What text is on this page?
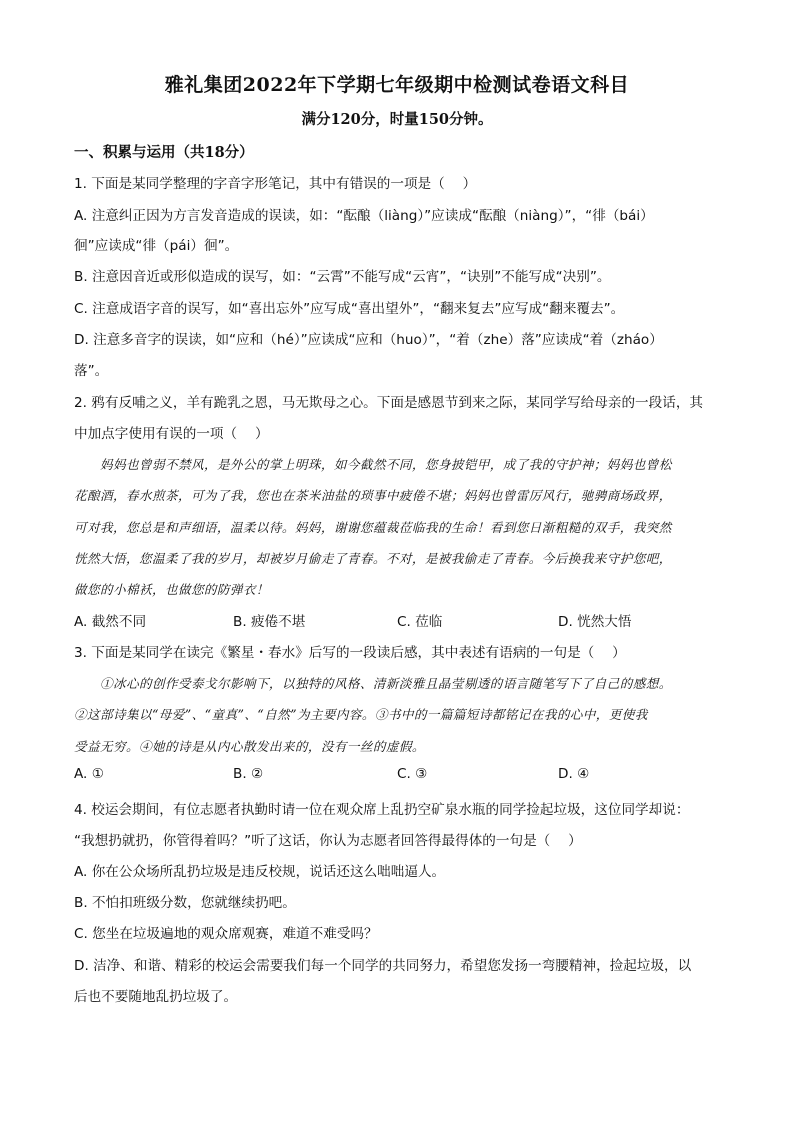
雅礼集团2022年下学期七年级期中检测试卷语文科目
满分120分，时量150分钟。
一、积累与运用（共18分）
1. 下面是某同学整理的字音字形笔记，其中有错误的一项是（　 ）
A. 注意纠正因为方言发音造成的误读，如：“酝酿（liàng）”应读成“酝酿（niàng）”，“徘（bái）
徊”应读成“徘（pái）徊”。
B. 注意因音近或形似造成的误写，如：“云霄”不能写成“云宵”，“诀别”不能写成“决别”。
C. 注意成语字音的误写，如“喜出忘外”应写成“喜出望外”，“翻来复去”应写成“翻来覆去”。
D. 注意多音字的误读，如“应和（hé）”应读成“应和（huo）”，“着（zhe）落”应读成“着（zháo）
落”。
2. 鸦有反哺之义，羊有跪乳之恩，马无欺母之心。下面是感恩节到来之际，某同学写给母亲的一段话，其
中加点字使用有误的一项（　 ）
妈妈也曾弱不禁风，是外公的掌上明珠，如今截然不同，您身披铠甲，成了我的守护神；妈妈也曾松
花酿酒，春水煎茶，可为了我，您也在茶米油盐的琐事中疲倦不堪；妈妈也曾雷厉风行，驰骋商场政界，
可对我，您总是和声细语，温柔以待。妈妈，谢谢您蕴裁莅临我的生命！看到您日渐粗糙的双手，我突然
恍然大悟，您温柔了我的岁月，却被岁月偷走了青春。不对，是被我偷走了青春。今后换我来守护您吧，
做您的小棉袄，也做您的防弹衣！
A. 截然不同	B. 疲倦不堪	C. 莅临	D. 恍然大悟
3. 下面是某同学在读完《繁星・春水》后写的一段读后感，其中表述有语病的一句是（　 ）
①冰心的创作受泰戈尔影响下，以独特的风格、清新淡雅且晶莹剔透的语言随笔写下了自己的感想。
②这部诗集以“母爱”、“童真”、“自然”为主要内容。③书中的一篇篇短诗都铭记在我的心中，更使我
受益无穷。④她的诗是从内心散发出来的，没有一丝的虚假。
A. ①	B. ②	C. ③	D. ④
4. 校运会期间，有位志愿者执勤时请一位在观众席上乱扔空矿泉水瓶的同学捡起垃圾，这位同学却说：
“我想扔就扔，你管得着吗？”听了这话，你认为志愿者回答得最得体的一句是（　 ）
A. 你在公众场所乱扔垃圾是违反校规，说话还这么咄咄逼人。
B. 不怕扣班级分数，您就继续扔吧。
C. 您坐在垃圾遍地的观众席观赛，难道不难受吗？
D. 洁净、和谐、精彩的校运会需要我们每一个同学的共同努力，希望您发扬一弯腰精神，捡起垃圾，以
后也不要随地乱扔垃圾了。
